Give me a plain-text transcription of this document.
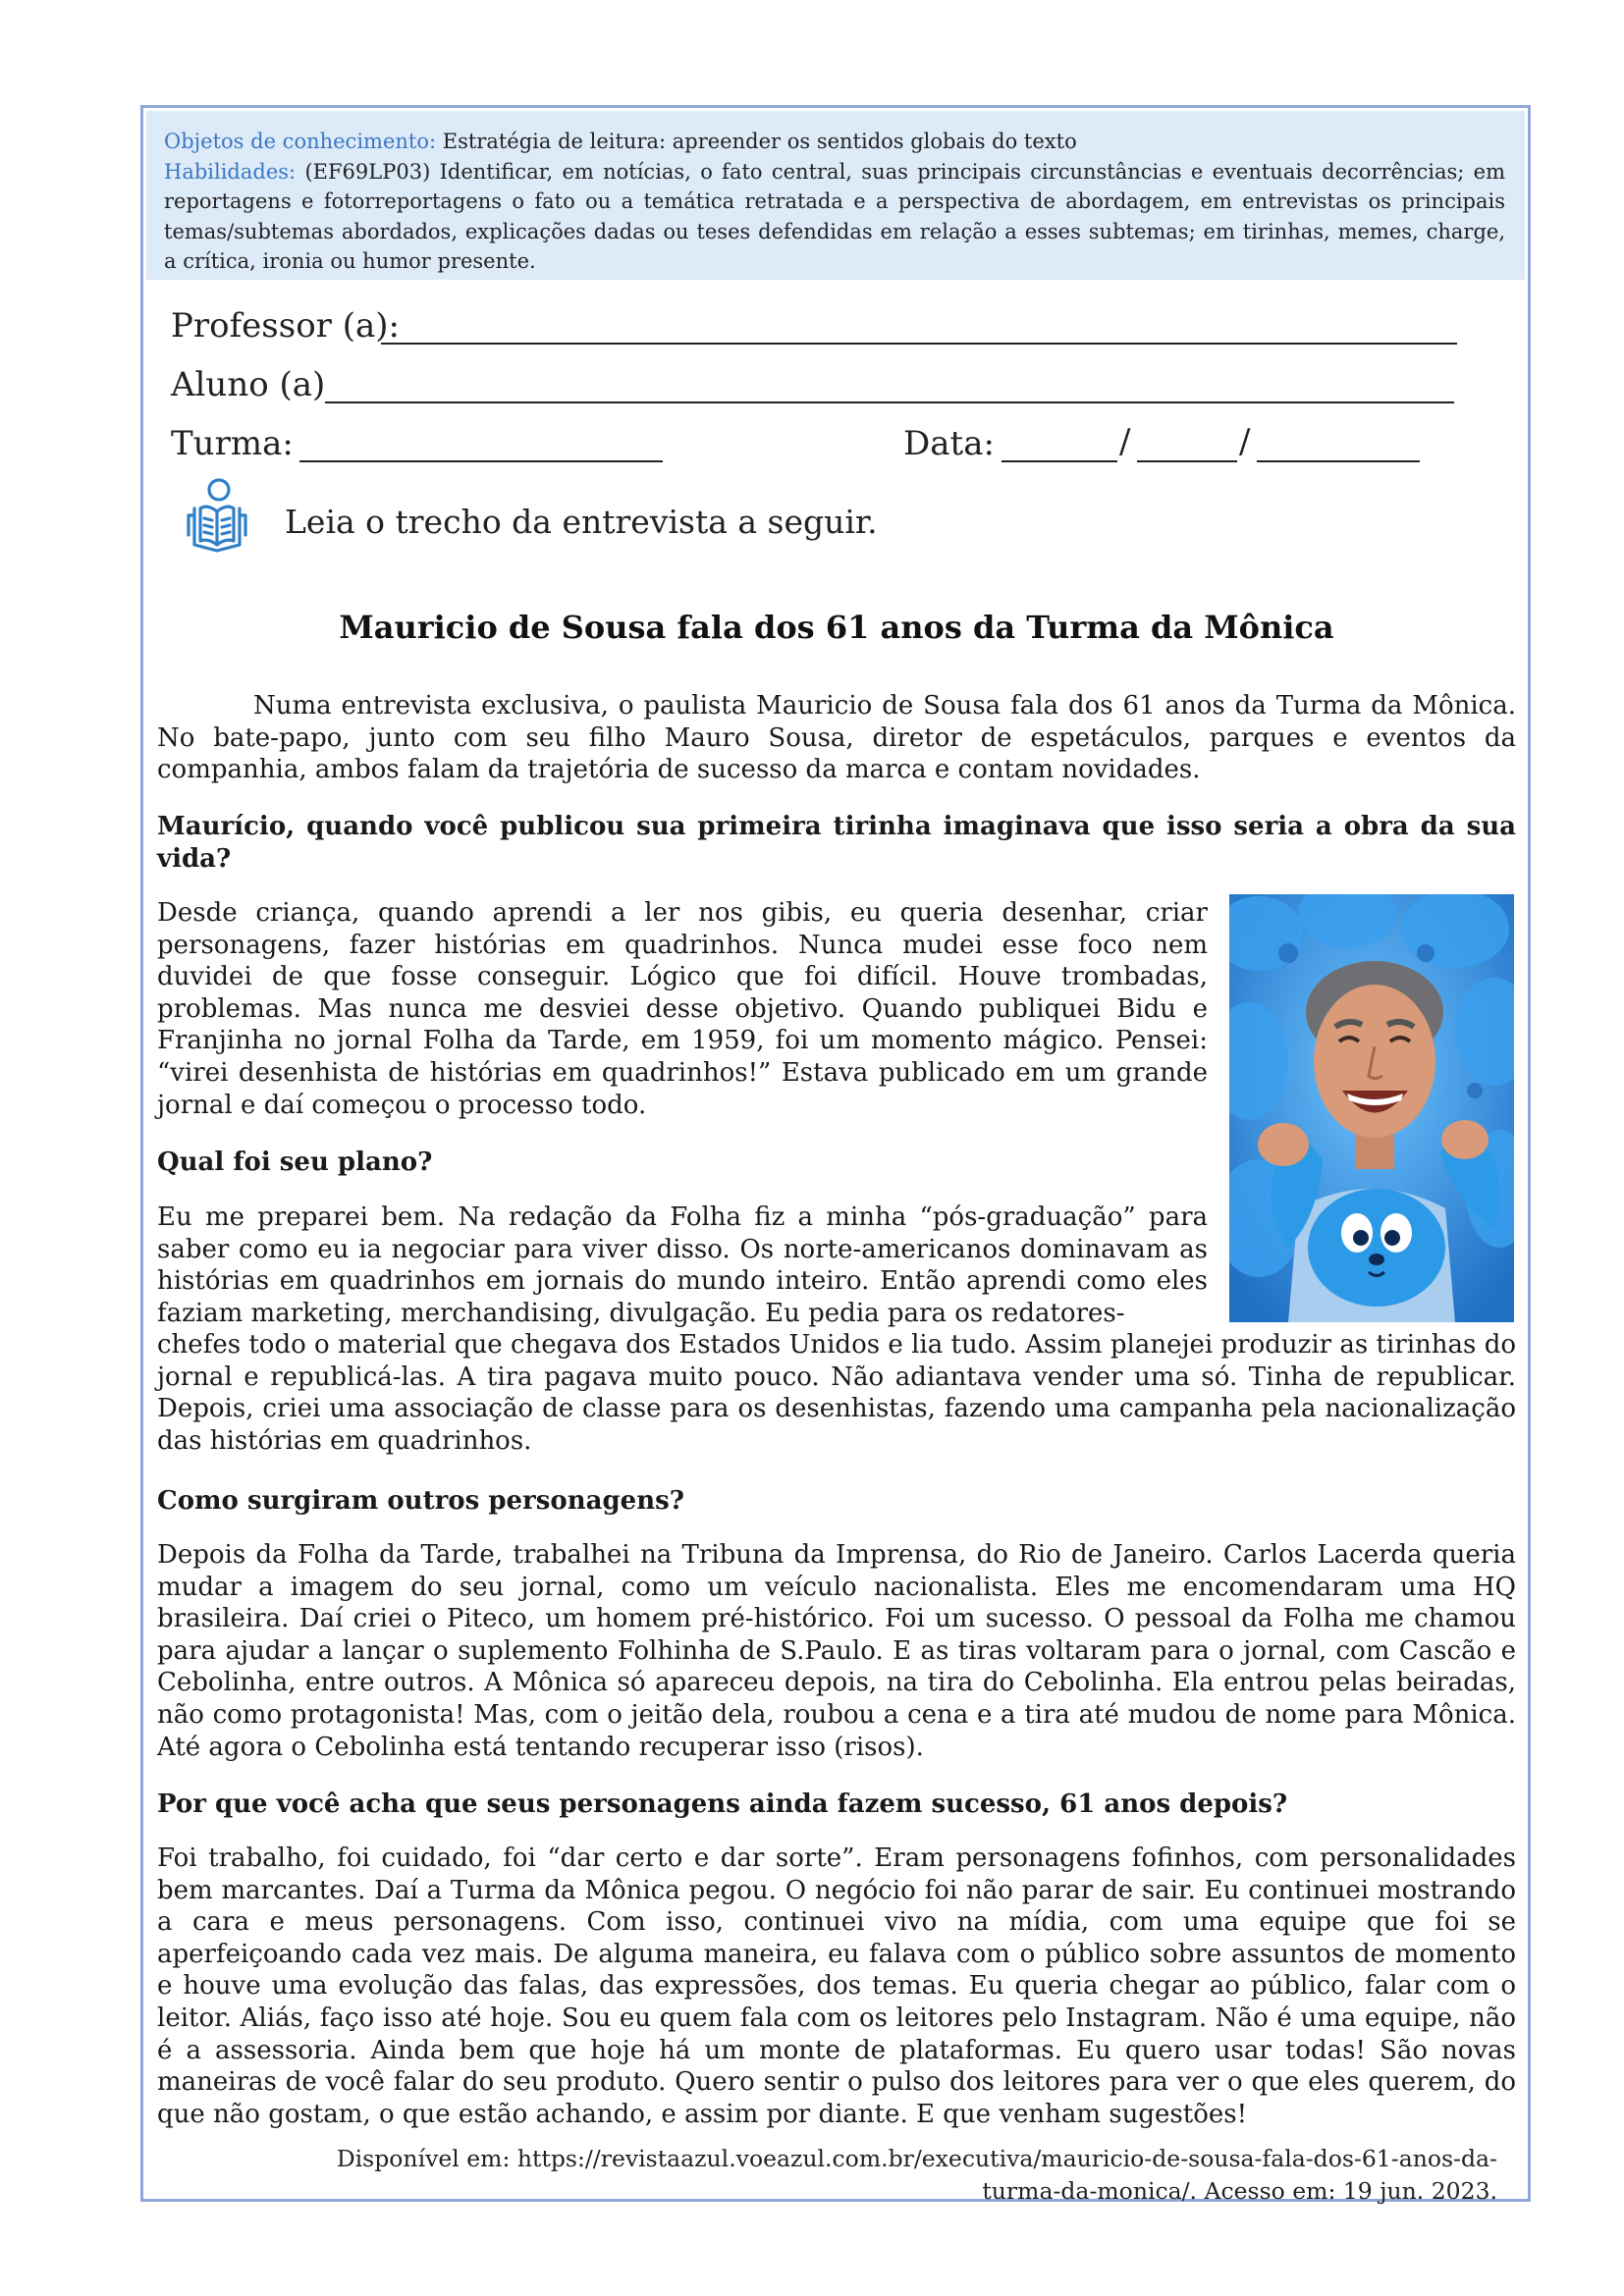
Objetos de conhecimento: Estratégia de leitura: apreender os sentidos globais do texto

Habilidades: (EF69LP03) Identificar, em notícias, o fato central, suas principais circunstâncias e eventuais decorrências; em reportagens e fotorreportagens o fato ou a temática retratada e a perspectiva de abordagem, em entrevistas os principais temas/subtemas abordados, explicações dadas ou teses defendidas em relação a esses subtemas; em tirinhas, memes, charge, a crítica, ironia ou humor presente.

Professor (a):
Aluno (a)
Turma:	Data:	/	/
Leia o trecho da entrevista a seguir.
Mauricio de Sousa fala dos 61 anos da Turma da Mônica

Numa entrevista exclusiva, o paulista Mauricio de Sousa fala dos 61 anos da Turma da Mônica. No bate-papo, junto com seu filho Mauro Sousa, diretor de espetáculos, parques e eventos da companhia, ambos falam da trajetória de sucesso da marca e contam novidades.

Maurício, quando você publicou sua primeira tirinha imaginava que isso seria a obra da sua vida?
Desde criança, quando aprendi a ler nos gibis, eu queria desenhar, criar personagens, fazer histórias em quadrinhos. Nunca mudei esse foco nem duvidei de que fosse conseguir. Lógico que foi difícil. Houve trombadas, problemas. Mas nunca me desviei desse objetivo. Quando publiquei Bidu e Franjinha no jornal Folha da Tarde, em 1959, foi um momento mágico. Pensei: “virei desenhista de histórias em quadrinhos!” Estava publicado em um grande jornal e daí começou o processo todo.
Qual foi seu plano?
Eu me preparei bem. Na redação da Folha fiz a minha “pós-graduação” para saber como eu ia negociar para viver disso. Os norte-americanos dominavam as histórias em quadrinhos em jornais do mundo inteiro. Então aprendi como eles faziam marketing, merchandising, divulgação. Eu pedia para os redatores-
chefes todo o material que chegava dos Estados Unidos e lia tudo. Assim planejei produzir as tirinhas do jornal e republicá-las. A tira pagava muito pouco. Não adiantava vender uma só. Tinha de republicar. Depois, criei uma associação de classe para os desenhistas, fazendo uma campanha pela nacionalização das histórias em quadrinhos.
Como surgiram outros personagens?
Depois da Folha da Tarde, trabalhei na Tribuna da Imprensa, do Rio de Janeiro. Carlos Lacerda queria mudar a imagem do seu jornal, como um veículo nacionalista. Eles me encomendaram uma HQ brasileira. Daí criei o Piteco, um homem pré-histórico. Foi um sucesso. O pessoal da Folha me chamou para ajudar a lançar o suplemento Folhinha de S.Paulo. E as tiras voltaram para o jornal, com Cascão e Cebolinha, entre outros. A Mônica só apareceu depois, na tira do Cebolinha. Ela entrou pelas beiradas, não como protagonista! Mas, com o jeitão dela, roubou a cena e a tira até mudou de nome para Mônica. Até agora o Cebolinha está tentando recuperar isso (risos).
Por que você acha que seus personagens ainda fazem sucesso, 61 anos depois?
Foi trabalho, foi cuidado, foi “dar certo e dar sorte”. Eram personagens fofinhos, com personalidades bem marcantes. Daí a Turma da Mônica pegou. O negócio foi não parar de sair. Eu continuei mostrando a cara e meus personagens. Com isso, continuei vivo na mídia, com uma equipe que foi se aperfeiçoando cada vez mais. De alguma maneira, eu falava com o público sobre assuntos de momento e houve uma evolução das falas, das expressões, dos temas. Eu queria chegar ao público, falar com o leitor. Aliás, faço isso até hoje. Sou eu quem fala com os leitores pelo Instagram. Não é uma equipe, não é a assessoria. Ainda bem que hoje há um monte de plataformas. Eu quero usar todas! São novas maneiras de você falar do seu produto. Quero sentir o pulso dos leitores para ver o que eles querem, do que não gostam, o que estão achando, e assim por diante. E que venham sugestões!
Disponível em: https://revistaazul.voeazul.com.br/executiva/mauricio-de-sousa-fala-dos-61-anos-da-
turma-da-monica/. Acesso em: 19 jun. 2023.
